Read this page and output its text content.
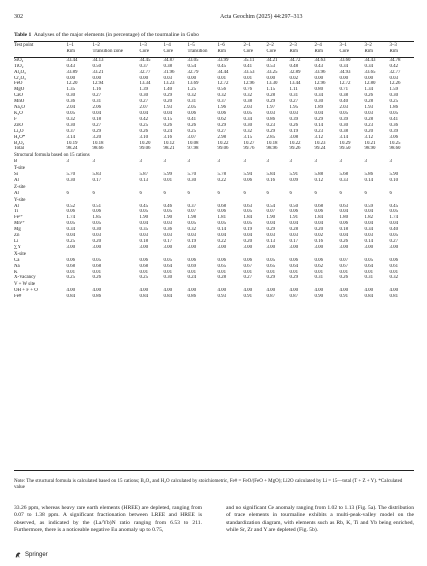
302	Acta Geochim (2025) 44:297–313
Table 1 Analyses of the major elements (in percentage) of the tourmaline in Gubo
Test point	1–1	1–2	1–3	1–4	1–5	1–6	2–1	2–2	2–3	2–4	3–1	3–2	3–3
	Rim	Transition zone	Core	Core	Transition	Rim	Core	Core	Rim	Rim	Core	Rim	Rim
SiO₂	33.44	34.13	34.45	34.87	33.05	33.99	35.11	34.21	34.72	34.63	33.60	34.43	34.78
TiO₂	0.43	0.50	0.37	0.38	0.54	0.45	0.41	0.53	0.48	0.43	0.34	0.34	0.42
Al₂O₃	33.89	33.21	32.77	31.96	32.79	34.44	33.53	33.25	32.89	33.96	34.93	33.65	32.77
Cr₂O₃	0.00	0.00	0.00	0.03	0.00	0.01	0.01	0.00	0.02	0.00	0.00	0.00	0.03
FeO	12.20	12.94	13.34	13.23	13.69	12.72	12.96	13.30	13.44	12.96	12.72	12.80	12.26
MgO	1.35	1.16	1.39	1.40	1.25	0.56	0.76	1.15	1.11	0.80	0.71	1.34	1.59
CaO	0.30	0.27	0.30	0.29	0.32	0.32	0.32	0.28	0.31	0.34	0.38	0.26	0.30
MnO	0.36	0.31	0.27	0.20	0.31	0.37	0.38	0.29	0.27	0.30	0.40	0.28	0.25
Na₂O	2.04	2.06	2.07	1.93	2.05	1.96	2.03	1.97	1.95	1.89	2.03	1.93	1.86
K₂O	0.05	0.04	0.04	0.04	0.06	0.06	0.05	0.03	0.03	0.04	0.05	0.03	0.05
F	0.32	0.18	0.42	0.15	0.41	0.62	0.34	0.86	0.39	0.29	0.39	0.28	0.41
ZnO	0.30	0.27	0.25	0.26	0.26	0.29	0.30	0.23	0.26	0.14	0.30	0.23	0.36
Li₂O	0.37	0.29	0.26	0.24	0.25	0.27	0.32	0.29	0.19	0.23	0.38	0.20	0.39
H₂O*	3.14	3.20	3.10	3.16	3.07	2.98	3.15	2.85	3.08	3.12	3.14	3.12	3.06
B₂O₃	10.19	10.18	10.20	10.12	10.08	10.22	10.27	10.18	10.22	10.23	10.29	10.21	10.25
Total	98.24	98.66	99.06	98.21	97.98	99.06	99.76	98.96	99.26	99.24	99.50	98.90	98.60
Structural formula based on 15 cations													
B	3	3	3	3	3	3	3	3	3	3	3	3	3
T-site													
Si	5.70	5.83	5.87	5.99	5.70	5.78	5.94	5.84	5.91	5.88	5.68	5.86	5.90
Al	0.30	0.17	0.13	0.01	0.30	0.22	0.06	0.16	0.09	0.12	0.33	0.14	0.10
Z-site													
Al	6	6	6	6	6	6	6	6	6	6	6	6	6
Y-site													
Al	0.52	0.51	0.45	0.46	0.37	0.68	0.63	0.54	0.50	0.68	0.63	0.59	0.45
Ti	0.06	0.06	0.05	0.05	0.07	0.06	0.05	0.07	0.06	0.06	0.04	0.04	0.05
Fe²⁺	1.74	1.85	1.90	1.90	1.98	1.81	1.84	1.90	1.91	1.84	1.80	1.82	1.74
Mn²⁺	0.05	0.05	0.04	0.03	0.05	0.05	0.05	0.04	0.04	0.04	0.06	0.04	0.04
Mg	0.34	0.30	0.35	0.36	0.32	0.14	0.19	0.29	0.28	0.20	0.18	0.34	0.40
Zn	0.04	0.03	0.03	0.03	0.03	0.04	0.04	0.03	0.03	0.02	0.04	0.03	0.05
Li	0.25	0.20	0.18	0.17	0.19	0.22	0.20	0.13	0.17	0.16	0.26	0.14	0.27
∑Y	3.00	3.00	3.00	3.00	3.00	3.00	3.00	3.00	3.00	3.00	3.00	3.00	3.00
X-site													
Ca	0.06	0.05	0.06	0.05	0.06	0.06	0.06	0.05	0.06	0.06	0.07	0.05	0.06
Na	0.68	0.68	0.68	0.64	0.69	0.65	0.67	0.65	0.64	0.62	0.67	0.64	0.61
K	0.01	0.01	0.01	0.01	0.01	0.01	0.01	0.01	0.01	0.01	0.01	0.01	0.01
X-Vacancy	0.25	0.26	0.25	0.30	0.24	0.28	0.27	0.29	0.29	0.31	0.26	0.31	0.32
V + W site													
OH + F + O	4.00	4.00	4.00	4.00	4.00	4.00	4.00	4.00	4.00	4.00	4.00	4.00	4.00
Fe#	0.84	0.86	0.84	0.84	0.86	0.93	0.91	0.87	0.87	0.90	0.91	0.84	0.81
Note: The structural formula is calculated based on 15 cations; B₂O₃ and H₂O calculated by stoichiometric, Fe# = FeO/(FeO + MgO); Li2O calculated by Li = 15—total (T + Z + Y). *Calculated value
33.26 ppm, whereas heavy rare earth elements (HREE) are depleted, ranging from 0.07 to 1.38 ppm. A significant fractionation between LREE and HREE is observed, as indicated by the (La/Yb)N ratio ranging from 6.53 to 211. Furthermore, there is a noticeable negative Eu anomaly up to 0.75,
and no significant Ce anomaly ranging from 1.02 to 1.13 (Fig. 5a). The distribution of trace elements in tourmaline exhibits a multi-peak-valley model on the standardization diagram, with elements such as Rb, K, Ti and Yb being enriched, while Sr, Zr and Y are depleted (Fig. 5b).
Springer
